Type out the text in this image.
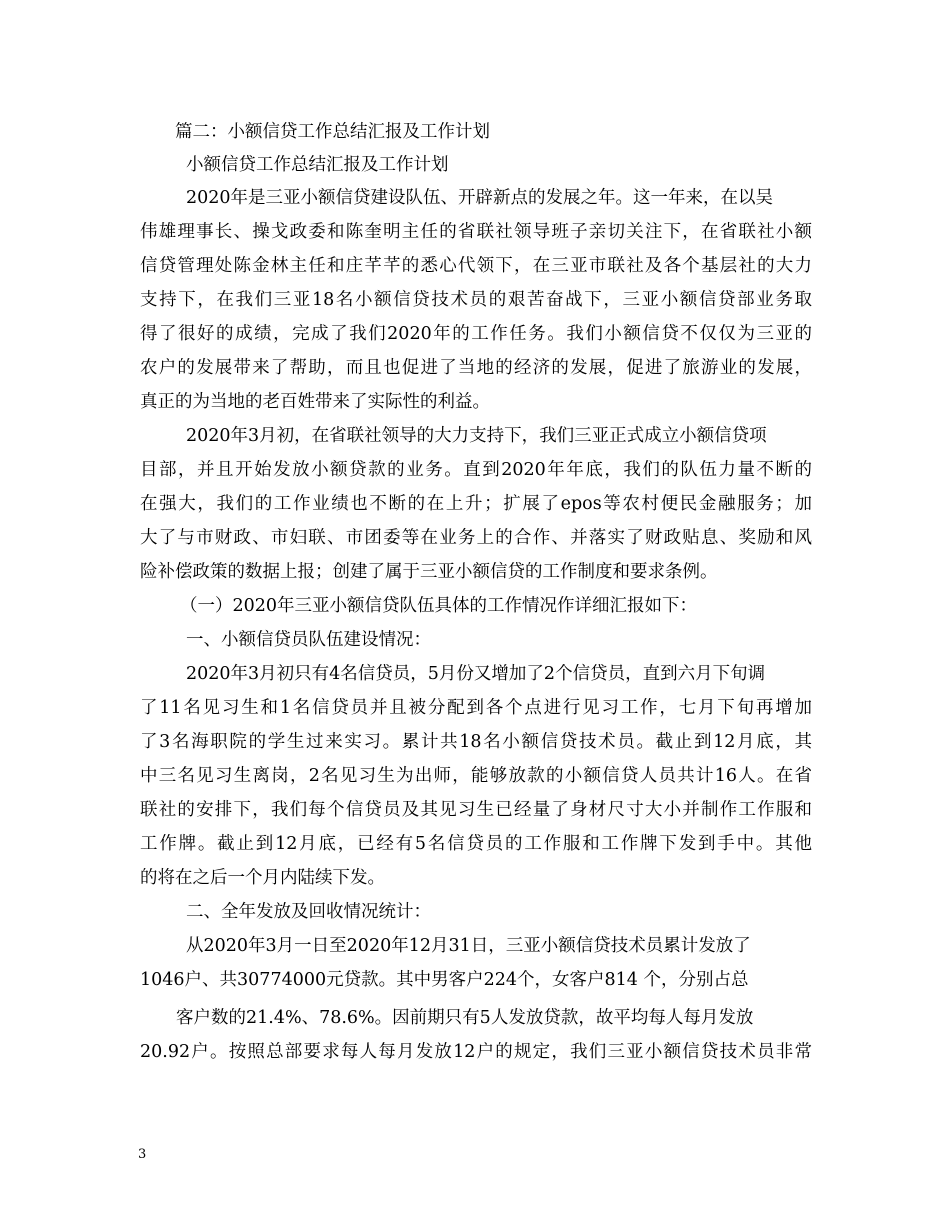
篇二：小额信贷工作总结汇报及工作计划
小额信贷工作总结汇报及工作计划
2020年是三亚小额信贷建设队伍、开辟新点的发展之年。这一年来，在以吴
伟雄理事长、操戈政委和陈奎明主任的省联社领导班子亲切关注下，在省联社小额
信贷管理处陈金林主任和庄芊芊的悉心代领下，在三亚市联社及各个基层社的大力
支持下，在我们三亚18名小额信贷技术员的艰苦奋战下，三亚小额信贷部业务取
得了很好的成绩，完成了我们2020年的工作任务。我们小额信贷不仅仅为三亚的
农户的发展带来了帮助，而且也促进了当地的经济的发展，促进了旅游业的发展，
真正的为当地的老百姓带来了实际性的利益。
2020年3月初，在省联社领导的大力支持下，我们三亚正式成立小额信贷项
目部，并且开始发放小额贷款的业务。直到2020年年底，我们的队伍力量不断的
在强大，我们的工作业绩也不断的在上升；扩展了epos等农村便民金融服务；加
大了与市财政、市妇联、市团委等在业务上的合作、并落实了财政贴息、奖励和风
险补偿政策的数据上报；创建了属于三亚小额信贷的工作制度和要求条例。
（一）2020年三亚小额信贷队伍具体的工作情况作详细汇报如下：
一、小额信贷员队伍建设情况：
2020年3月初只有4名信贷员，5月份又增加了2个信贷员，直到六月下旬调
了11名见习生和1名信贷员并且被分配到各个点进行见习工作，七月下旬再增加
了3名海职院的学生过来实习。累计共18名小额信贷技术员。截止到12月底，其
中三名见习生离岗，2名见习生为出师，能够放款的小额信贷人员共计16人。在省
联社的安排下，我们每个信贷员及其见习生已经量了身材尺寸大小并制作工作服和
工作牌。截止到12月底，已经有5名信贷员的工作服和工作牌下发到手中。其他
的将在之后一个月内陆续下发。
二、全年发放及回收情况统计：
从2020年3月一日至2020年12月31日，三亚小额信贷技术员累计发放了
1046户、共30774000元贷款。其中男客户224个，女客户814 个，分别占总
客户数的21.4%、78.6%。因前期只有5人发放贷款，故平均每人每月发放
20.92户。按照总部要求每人每月发放12户的规定，我们三亚小额信贷技术员非常
3
